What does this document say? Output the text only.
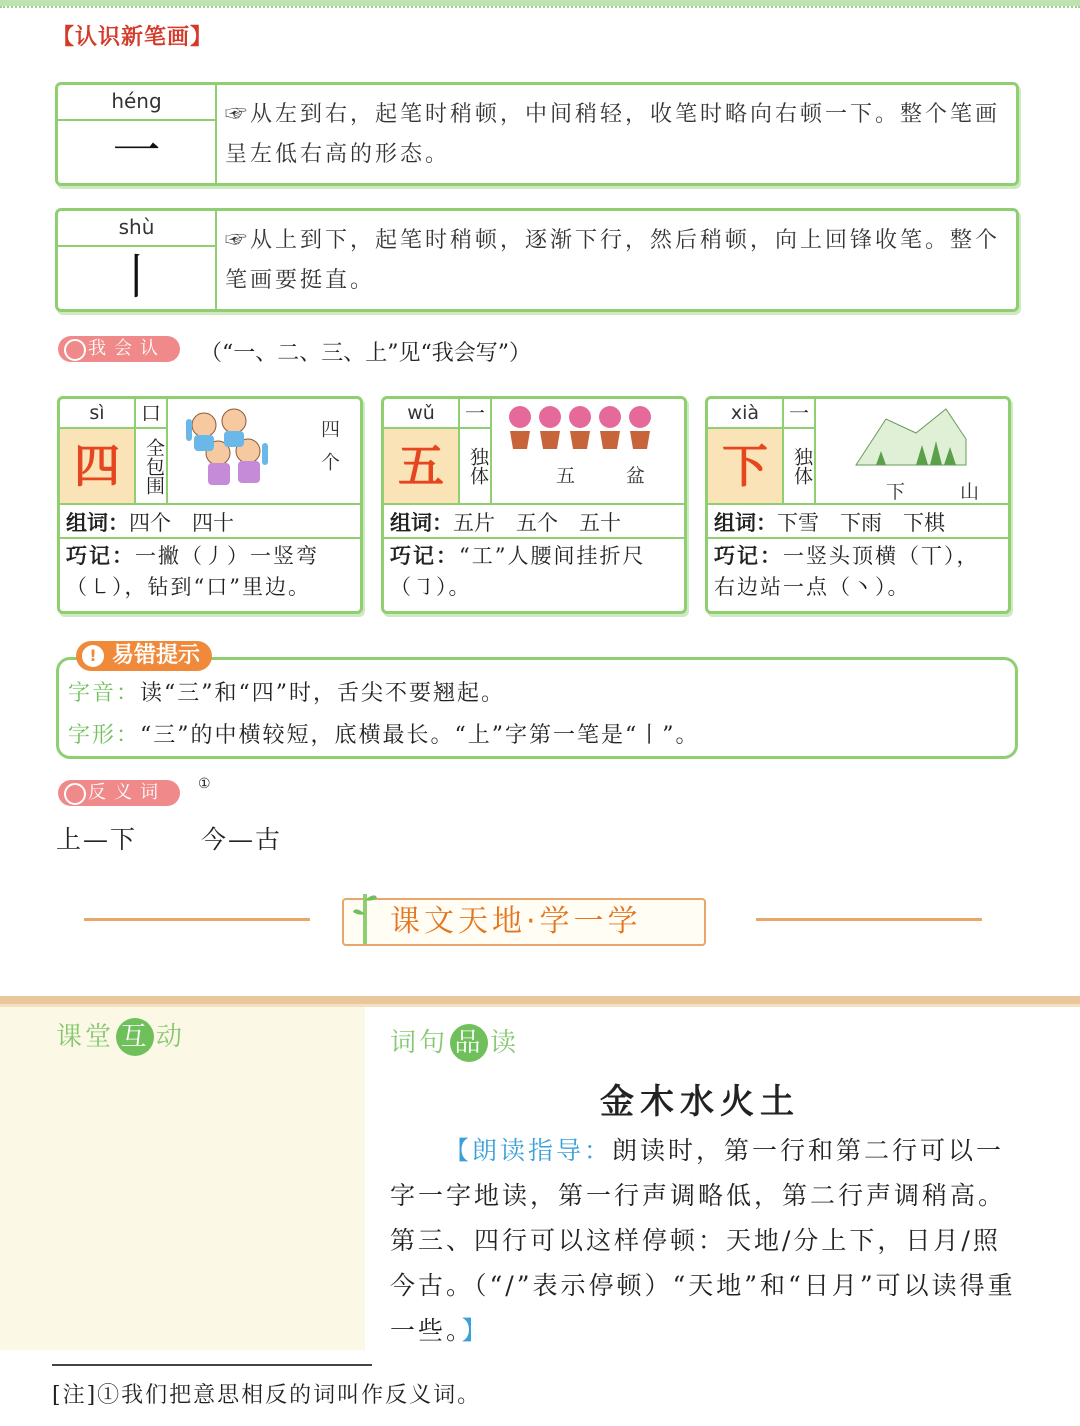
【认识新笔画】
héng
一
☞从左到右，起笔时稍顿，中间稍轻，收笔时略向右顿一下。整个笔画呈左低右高的形态。
shù
丨
☞从上到下，起笔时稍顿，逐渐下行，然后稍顿，向上回锋收笔。整个笔画要挺直。
我会认	（“一、二、三、上”见“我会写”）
sì
四
口
全包围	四个
组词：四个　四十
巧记：一撇（丿）一竖弯（㇄），钻到“口”里边。
wǔ
五
一
独体	五　盆
组词：五片　五个　五十
巧记：“工”人腰间挂折尺（㇆）。
xià
下
一
独体
下　山
组词：下雪　下雨　下棋
巧记：一竖头顶横（丅），右边站一点（丶）。
! 易错提示
字音：读“三”和“四”时，舌尖不要翘起。
字形：“三”的中横较短，底横最长。“上”字第一笔是“丨”。
反义词	①
上—下	今—古
课文天地·学一学
课堂 互 动	词句 品 读
金木水火土
【朗读指导：朗读时，第一行和第二行可以一字一字地读，第一行声调略低，第二行声调稍高。第三、四行可以这样停顿：天地/分上下，日月/照今古。（“/”表示停顿）“天地”和“日月”可以读得重一些。】
[注]①我们把意思相反的词叫作反义词。
